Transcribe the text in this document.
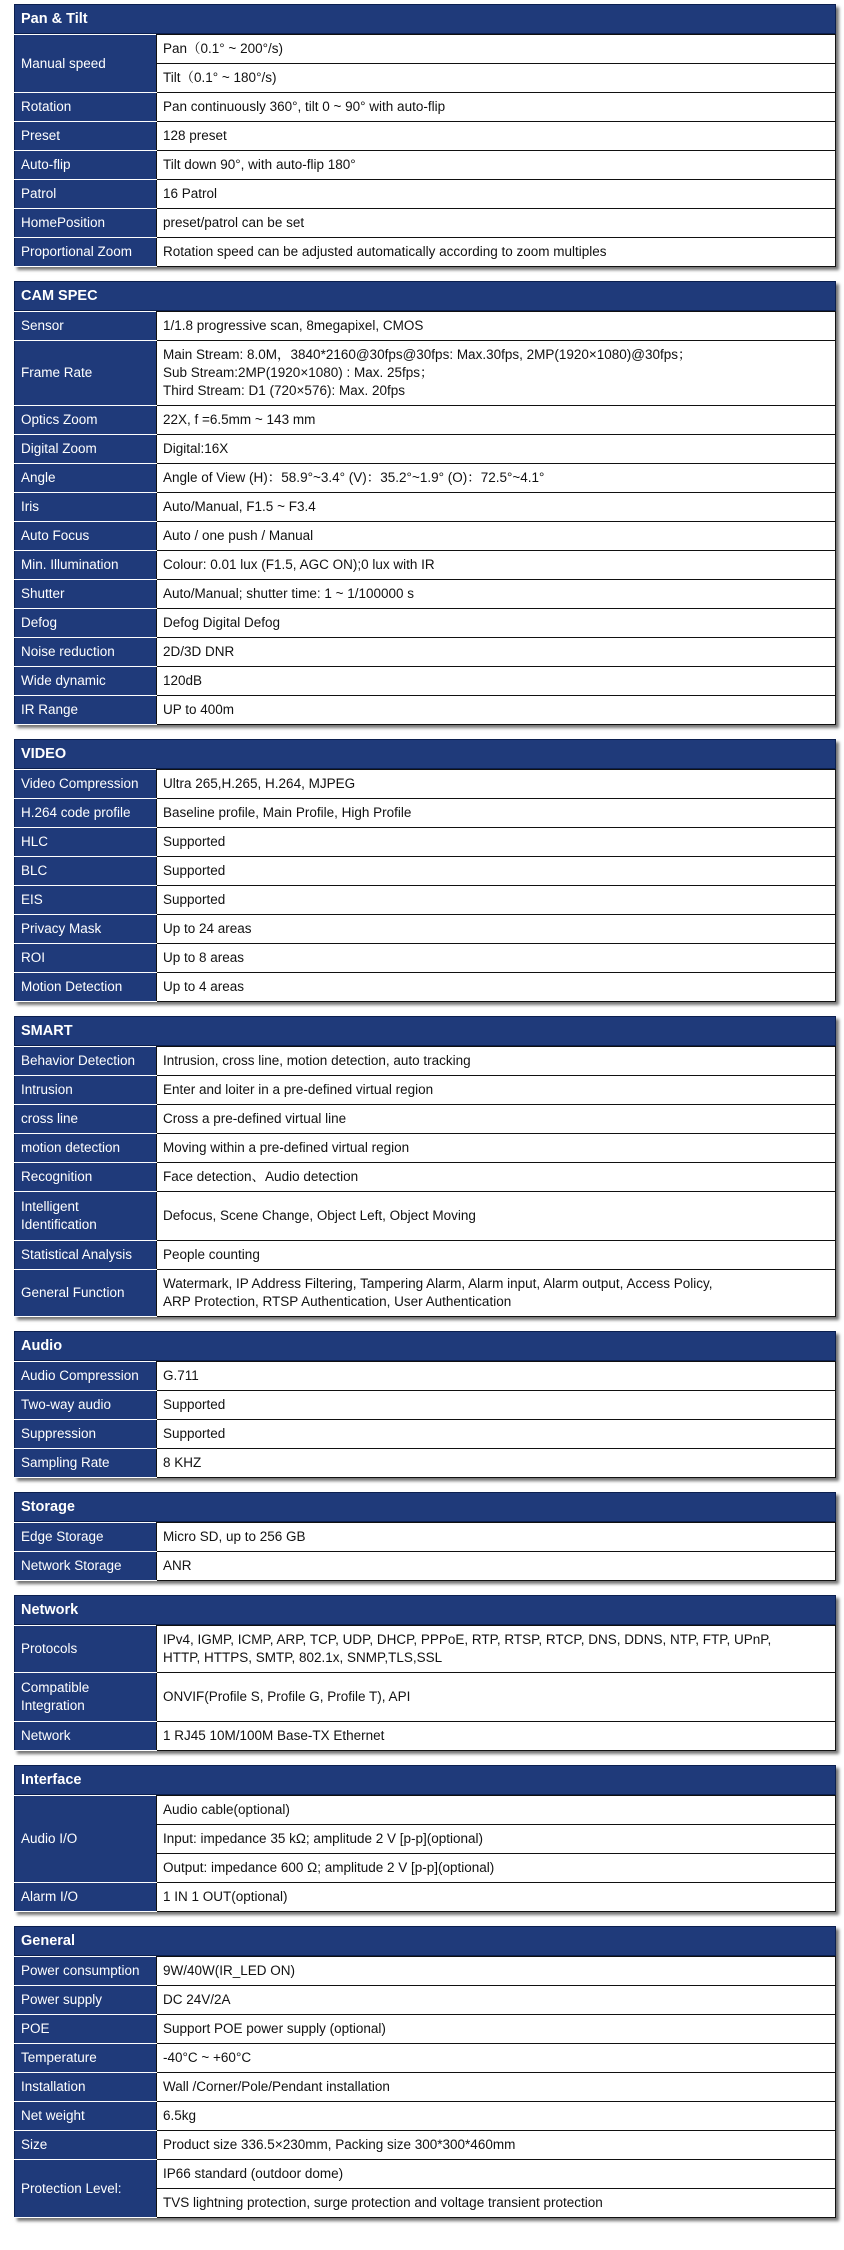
Pan & Tilt
Manual speed	Pan（0.1° ~ 200°/s)
	Tilt（0.1° ~ 180°/s)
Rotation	Pan continuously 360°, tilt 0 ~ 90° with auto-flip
Preset	128 preset
Auto-flip	Tilt down 90°, with auto-flip 180°
Patrol	16 Patrol
HomePosition	preset/patrol can be set
Proportional Zoom	Rotation speed can be adjusted automatically according to zoom multiples
CAM SPEC
Sensor	1/1.8 progressive scan, 8megapixel, CMOS
Frame Rate	Main Stream: 8.0M，3840*2160@30fps@30fps: Max.30fps, 2MP(1920×1080)@30fps；
Sub Stream:2MP(1920×1080) : Max. 25fps；
Third Stream: D1 (720×576): Max. 20fps
Optics Zoom	22X, f =6.5mm ~ 143 mm
Digital Zoom	Digital:16X
Angle	Angle of View (H)：58.9°~3.4° (V)：35.2°~1.9° (O)：72.5°~4.1°
Iris	Auto/Manual, F1.5 ~ F3.4
Auto Focus	Auto / one push / Manual
Min. Illumination	Colour: 0.01 lux (F1.5, AGC ON);0 lux with IR
Shutter	Auto/Manual; shutter time: 1 ~ 1/100000 s
Defog	Defog Digital Defog
Noise reduction	2D/3D DNR
Wide dynamic	120dB
IR Range	UP to 400m
VIDEO
Video Compression	Ultra 265,H.265, H.264, MJPEG
H.264 code profile	Baseline profile, Main Profile, High Profile
HLC	Supported
BLC	Supported
EIS	Supported
Privacy Mask	Up to 24 areas
ROI	Up to 8 areas
Motion Detection	Up to 4 areas
SMART
Behavior Detection	Intrusion, cross line, motion detection, auto tracking
Intrusion	Enter and loiter in a pre-defined virtual region
cross line	Cross a pre-defined virtual line
motion detection	Moving within a pre-defined virtual region
Recognition	Face detection、Audio detection
Intelligent
Identification	Defocus, Scene Change, Object Left, Object Moving
Statistical Analysis	People counting
General Function	Watermark, IP Address Filtering, Tampering Alarm, Alarm input, Alarm output, Access Policy,
ARP Protection, RTSP Authentication, User Authentication
Audio
Audio Compression	G.711
Two-way audio	Supported
Suppression	Supported
Sampling Rate	8 KHZ
Storage
Edge Storage	Micro SD, up to 256 GB
Network Storage	ANR
Network
Protocols	IPv4, IGMP, ICMP, ARP, TCP, UDP, DHCP, PPPoE, RTP, RTSP, RTCP, DNS, DDNS, NTP, FTP, UPnP,
HTTP, HTTPS, SMTP, 802.1x, SNMP,TLS,SSL
Compatible
Integration	ONVIF(Profile S, Profile G, Profile T), API
Network	1 RJ45 10M/100M Base-TX Ethernet
Interface
Audio I/O	Audio cable(optional)
	Input: impedance 35 kΩ; amplitude 2 V [p-p](optional)
	Output: impedance 600 Ω; amplitude 2 V [p-p](optional)
Alarm I/O	1 IN 1 OUT(optional)
General
Power consumption	9W/40W(IR_LED ON)
Power supply	DC 24V/2A
POE	Support POE power supply (optional)
Temperature	-40°C ~ +60°C
Installation	Wall /Corner/Pole/Pendant installation
Net weight	6.5kg
Size	Product size 336.5×230mm, Packing size 300*300*460mm
Protection Level:	IP66 standard (outdoor dome)
	TVS lightning protection, surge protection and voltage transient protection
